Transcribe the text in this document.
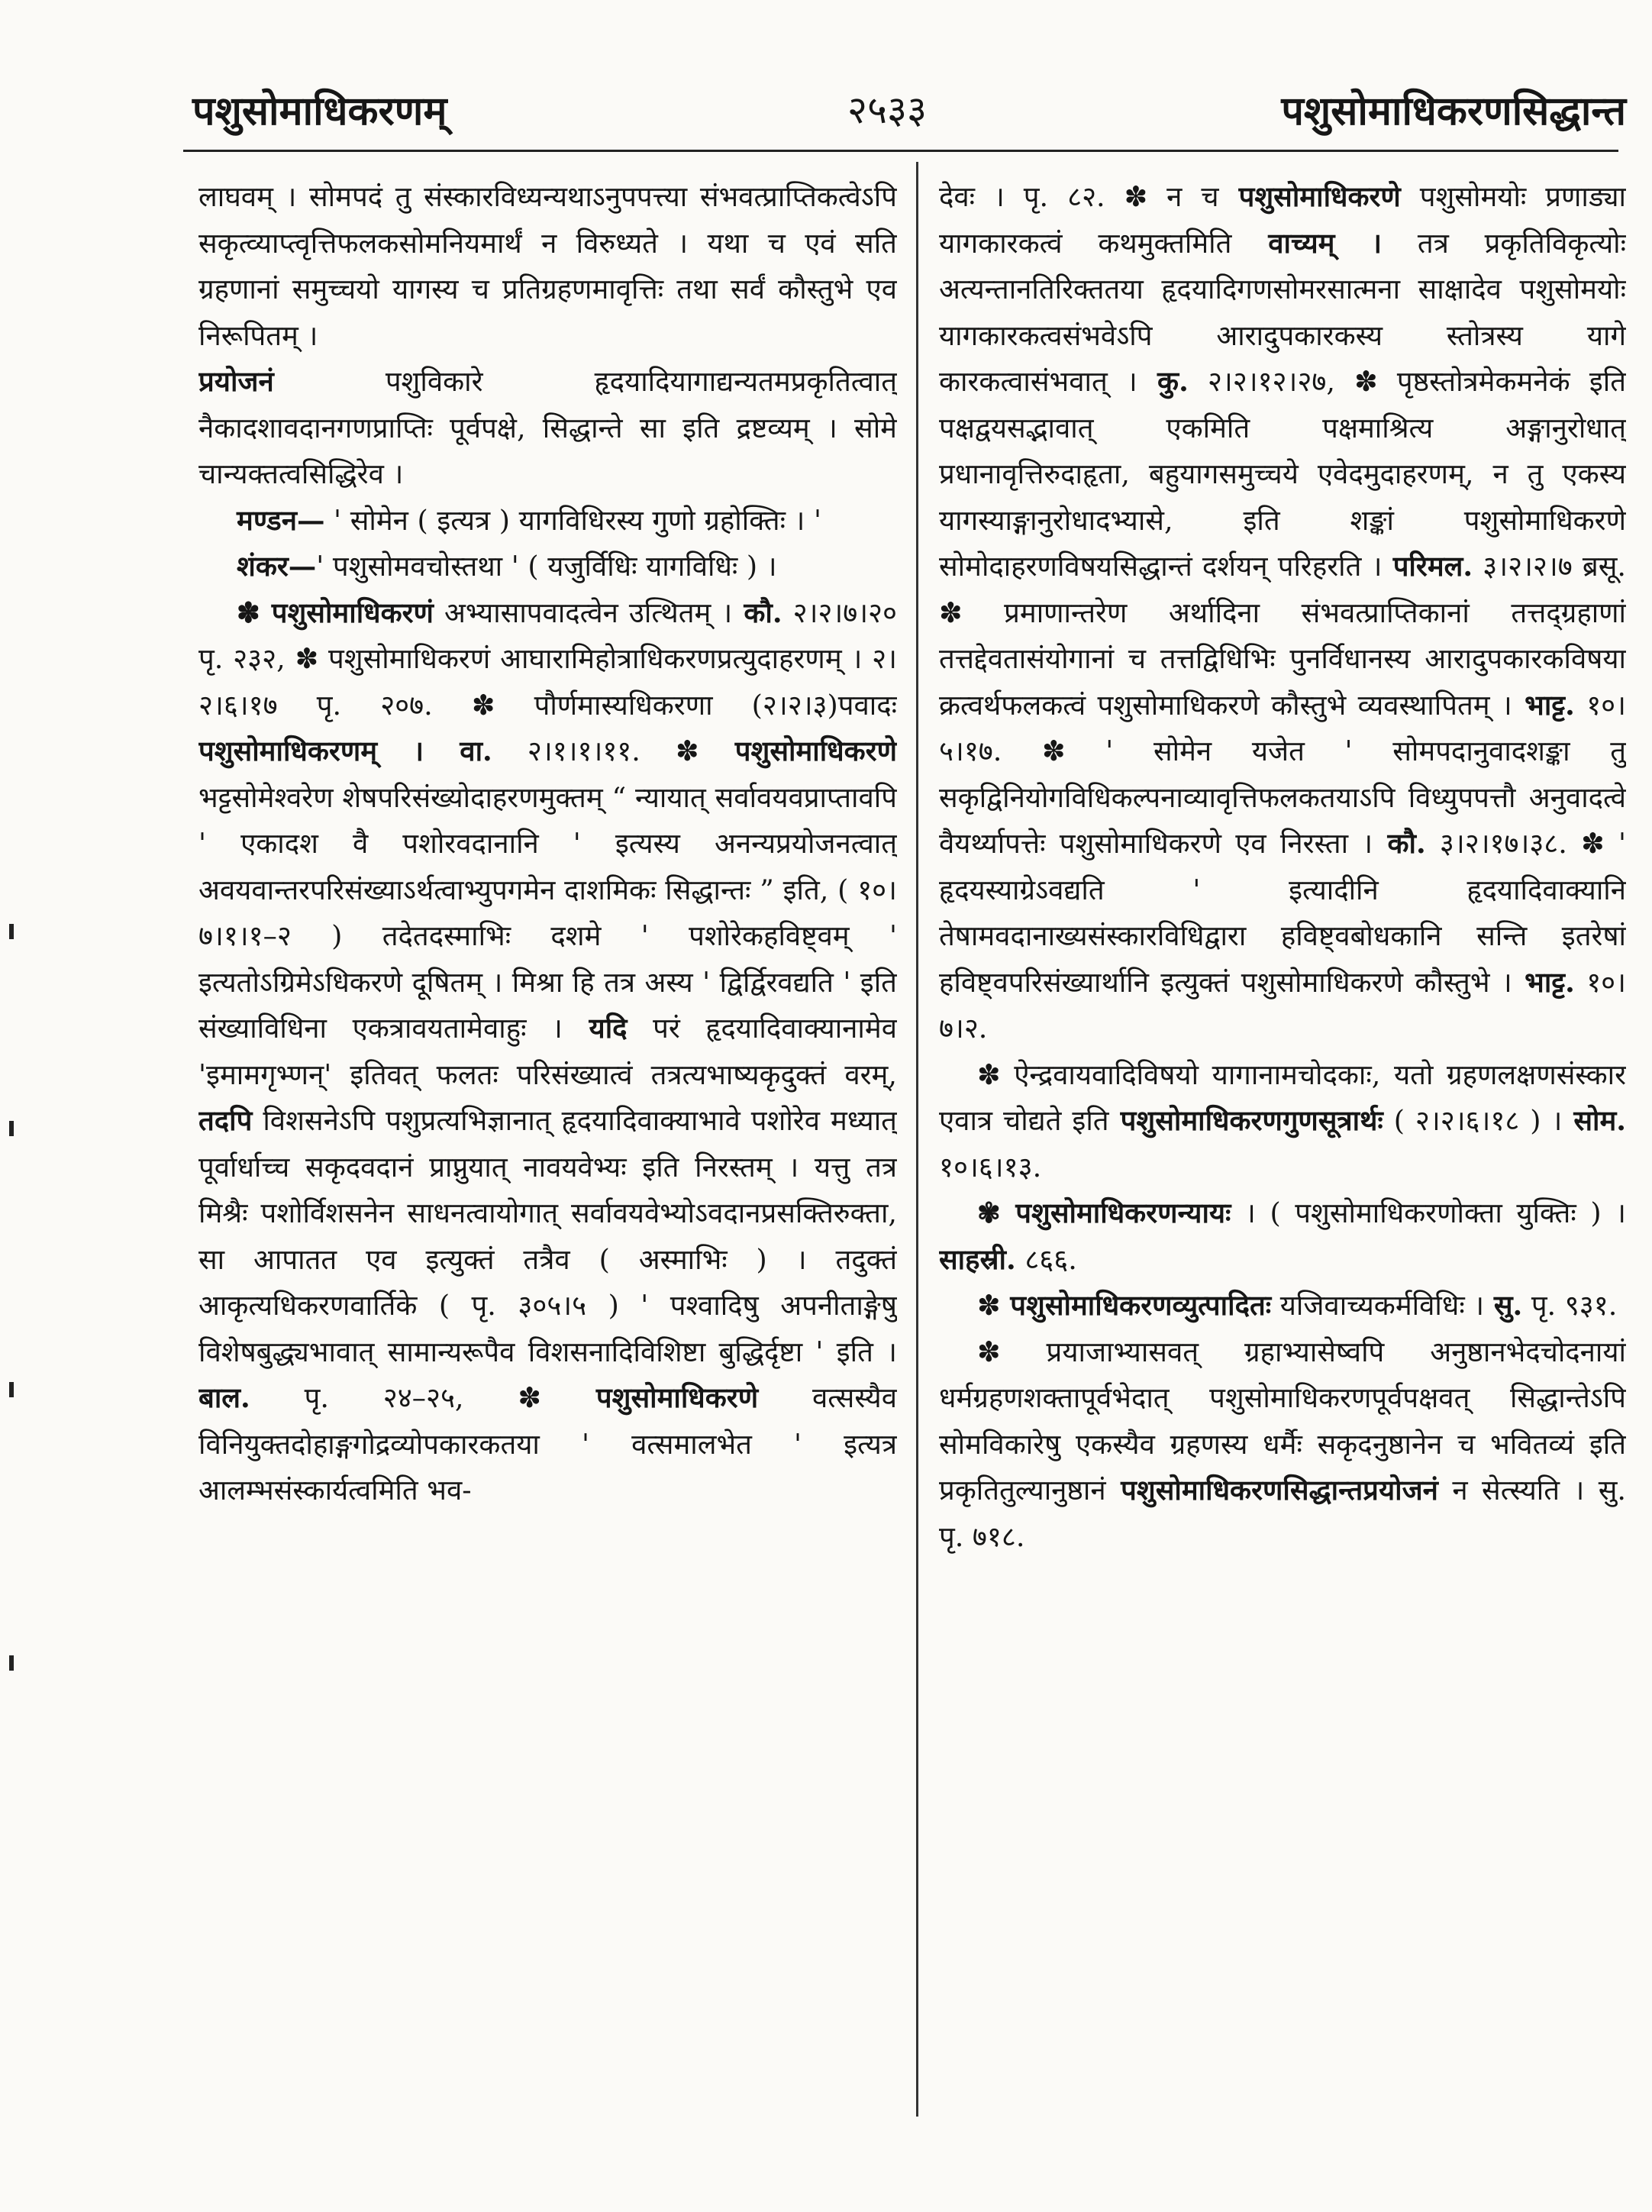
पशुसोमाधिकरणम्	२५३३	पशुसोमाधिकरणसिद्धान्त

लाघवम् । सोमपदं तु संस्कारविध्यन्यथाऽनुपपत्त्या संभवत्प्राप्तिकत्वेऽपि सकृत्व्याप्त्वृत्तिफलकसोमनियमार्थं न विरुध्यते । यथा च एवं सति ग्रहणानां समुच्चयो यागस्य च प्रतिग्रहणमावृत्तिः तथा सर्वं कौस्तुभे एव निरूपितम् ।

प्रयोजनं पशुविकारे हृदयादियागाद्यन्यतमप्रकृतित्वात् नैकादशावदानगणप्राप्तिः पूर्वपक्षे, सिद्धान्ते सा इति द्रष्टव्यम् । सोमे चान्यक्तत्वसिद्धिरेव ।

मण्डन— ' सोमेन ( इत्यत्र ) यागविधिरस्य गुणो ग्रहोक्तिः । '

शंकर—' पशुसोमवचोस्तथा ' ( यजुर्विधिः यागविधिः ) ।

✽ पशुसोमाधिकरणं अभ्यासापवादत्वेन उत्थितम् । कौ. २।२।७।२० पृ. २३२, ✽ पशुसोमाधिकरणं आघारामिहोत्राधिकरणप्रत्युदाहरणम् । २।२।६।१७ पृ. २०७. ✽ पौर्णमास्यधिकरणा (२।२।३)पवादः पशुसोमाधिकरणम् । वा. २।१।१।११. ✽ पशुसोमाधिकरणे भट्टसोमेश्वरेण शेषपरिसंख्योदाहरणमुक्तम् “ न्यायात् सर्वावयवप्राप्तावपि ' एकादश वै पशोरवदानानि ' इत्यस्य अनन्यप्रयोजनत्वात् अवयवान्तरपरिसंख्याऽर्थत्वाभ्युपगमेन दाशमिकः सिद्धान्तः ” इति, ( १०।७।१।१–२ ) तदेतदस्माभिः दशमे ' पशोरेकहविष्ट्वम् ' इत्यतोऽग्रिमेऽधिकरणे दूषितम् । मिश्रा हि तत्र अस्य ' द्विर्द्विरवद्यति ' इति संख्याविधिना एकत्रावयतामेवाहुः । यदि परं हृदयादिवाक्यानामेव 'इमामगृभ्णन्' इतिवत् फलतः परिसंख्यात्वं तत्रत्यभाष्यकृदुक्तं वरम्, तदपि विशसनेऽपि पशुप्रत्यभिज्ञानात् हृदयादिवाक्याभावे पशोरेव मध्यात् पूर्वार्धाच्च सकृदवदानं प्राप्नुयात् नावयवेभ्यः इति निरस्तम् । यत्तु तत्र मिश्रैः पशोर्विशसनेन साधनत्वायोगात् सर्वावयवेभ्योऽवदानप्रसक्तिरुक्ता, सा आपातत एव इत्युक्तं तत्रैव ( अस्माभिः ) । तदुक्तं आकृत्यधिकरणवार्तिके ( पृ. ३०५।५ ) ' पश्वादिषु अपनीताङ्गेषु विशेषबुद्ध्यभावात् सामान्यरूपैव विशसनादिविशिष्टा बुद्धिर्दृष्टा ' इति । बाल. पृ. २४–२५, ✽ पशुसोमाधिकरणे वत्सस्यैव विनियुक्तदोहाङ्गगोद्रव्योपकारकतया ' वत्समालभेत ' इत्यत्र आलम्भसंस्कार्यत्वमिति भव-

देवः । पृ. ८२. ✽ न च पशुसोमाधिकरणे पशुसोमयोः प्रणाड्या यागकारकत्वं कथमुक्तमिति वाच्यम् । तत्र प्रकृतिविकृत्योः अत्यन्तानतिरिक्ततया हृदयादिगणसोमरसात्मना साक्षादेव पशुसोमयोः यागकारकत्वसंभवेऽपि आरादुपकारकस्य स्तोत्रस्य यागे कारकत्वासंभवात् । कु. २।२।१२।२७, ✽ पृष्ठस्तोत्रमेकमनेकं इति पक्षद्वयसद्भावात् एकमिति पक्षमाश्रित्य अङ्गानुरोधात् प्रधानावृत्तिरुदाहृता, बहुयागसमुच्चये एवेदमुदाहरणम्, न तु एकस्य यागस्याङ्गानुरोधादभ्यासे, इति शङ्कां पशुसोमाधिकरणे सोमोदाहरणविषयसिद्धान्तं दर्शयन् परिहरति । परिमल. ३।२।२।७ ब्रसू. ✽ प्रमाणान्तरेण अर्थादिना संभवत्प्राप्तिकानां तत्तद्ग्रहाणां तत्तद्देवतासंयोगानां च तत्तद्विधिभिः पुनर्विधानस्य आरादुपकारकविषया क्रत्वर्थफलकत्वं पशुसोमाधिकरणे कौस्तुभे व्यवस्थापितम् । भाट्ट. १०।५।१७. ✽ ' सोमेन यजेत ' सोमपदानुवादशङ्का तु सकृद्विनियोगविधिकल्पनाव्यावृत्तिफलकतयाऽपि विध्युपपत्तौ अनुवादत्वे वैयर्थ्यापत्तेः पशुसोमाधिकरणे एव निरस्ता । कौ. ३।२।१७।३८. ✽ ' हृदयस्याग्रेऽवद्यति ' इत्यादीनि हृदयादिवाक्यानि तेषामवदानाख्यसंस्कारविधिद्वारा हविष्ट्वबोधकानि सन्ति इतरेषां हविष्ट्वपरिसंख्यार्थानि इत्युक्तं पशुसोमाधिकरणे कौस्तुभे । भाट्ट. १०।७।२.

✽ ऐन्द्रवायवादिविषयो यागानामचोदकाः, यतो ग्रहणलक्षणसंस्कार एवात्र चोद्यते इति पशुसोमाधिकरणगुणसूत्रार्थः ( २।२।६।१८ ) । सोम. १०।६।१३.

✾ पशुसोमाधिकरणन्यायः । ( पशुसोमाधिकरणोक्ता युक्तिः ) । साहस्री. ८६६.

✽ पशुसोमाधिकरणव्युत्पादितः यजिवाच्यकर्मविधिः । सु. पृ. ९३१.

✽ प्रयाजाभ्यासवत् ग्रहाभ्यासेष्वपि अनुष्ठानभेदचोदनायां धर्मग्रहणशक्तापूर्वभेदात् पशुसोमाधिकरणपूर्वपक्षवत् सिद्धान्तेऽपि सोमविकारेषु एकस्यैव ग्रहणस्य धर्मैः सकृदनुष्ठानेन च भवितव्यं इति प्रकृतितुल्यानुष्ठानं पशुसोमाधिकरणसिद्धान्तप्रयोजनं न सेत्स्यति । सु. पृ. ७१८.
